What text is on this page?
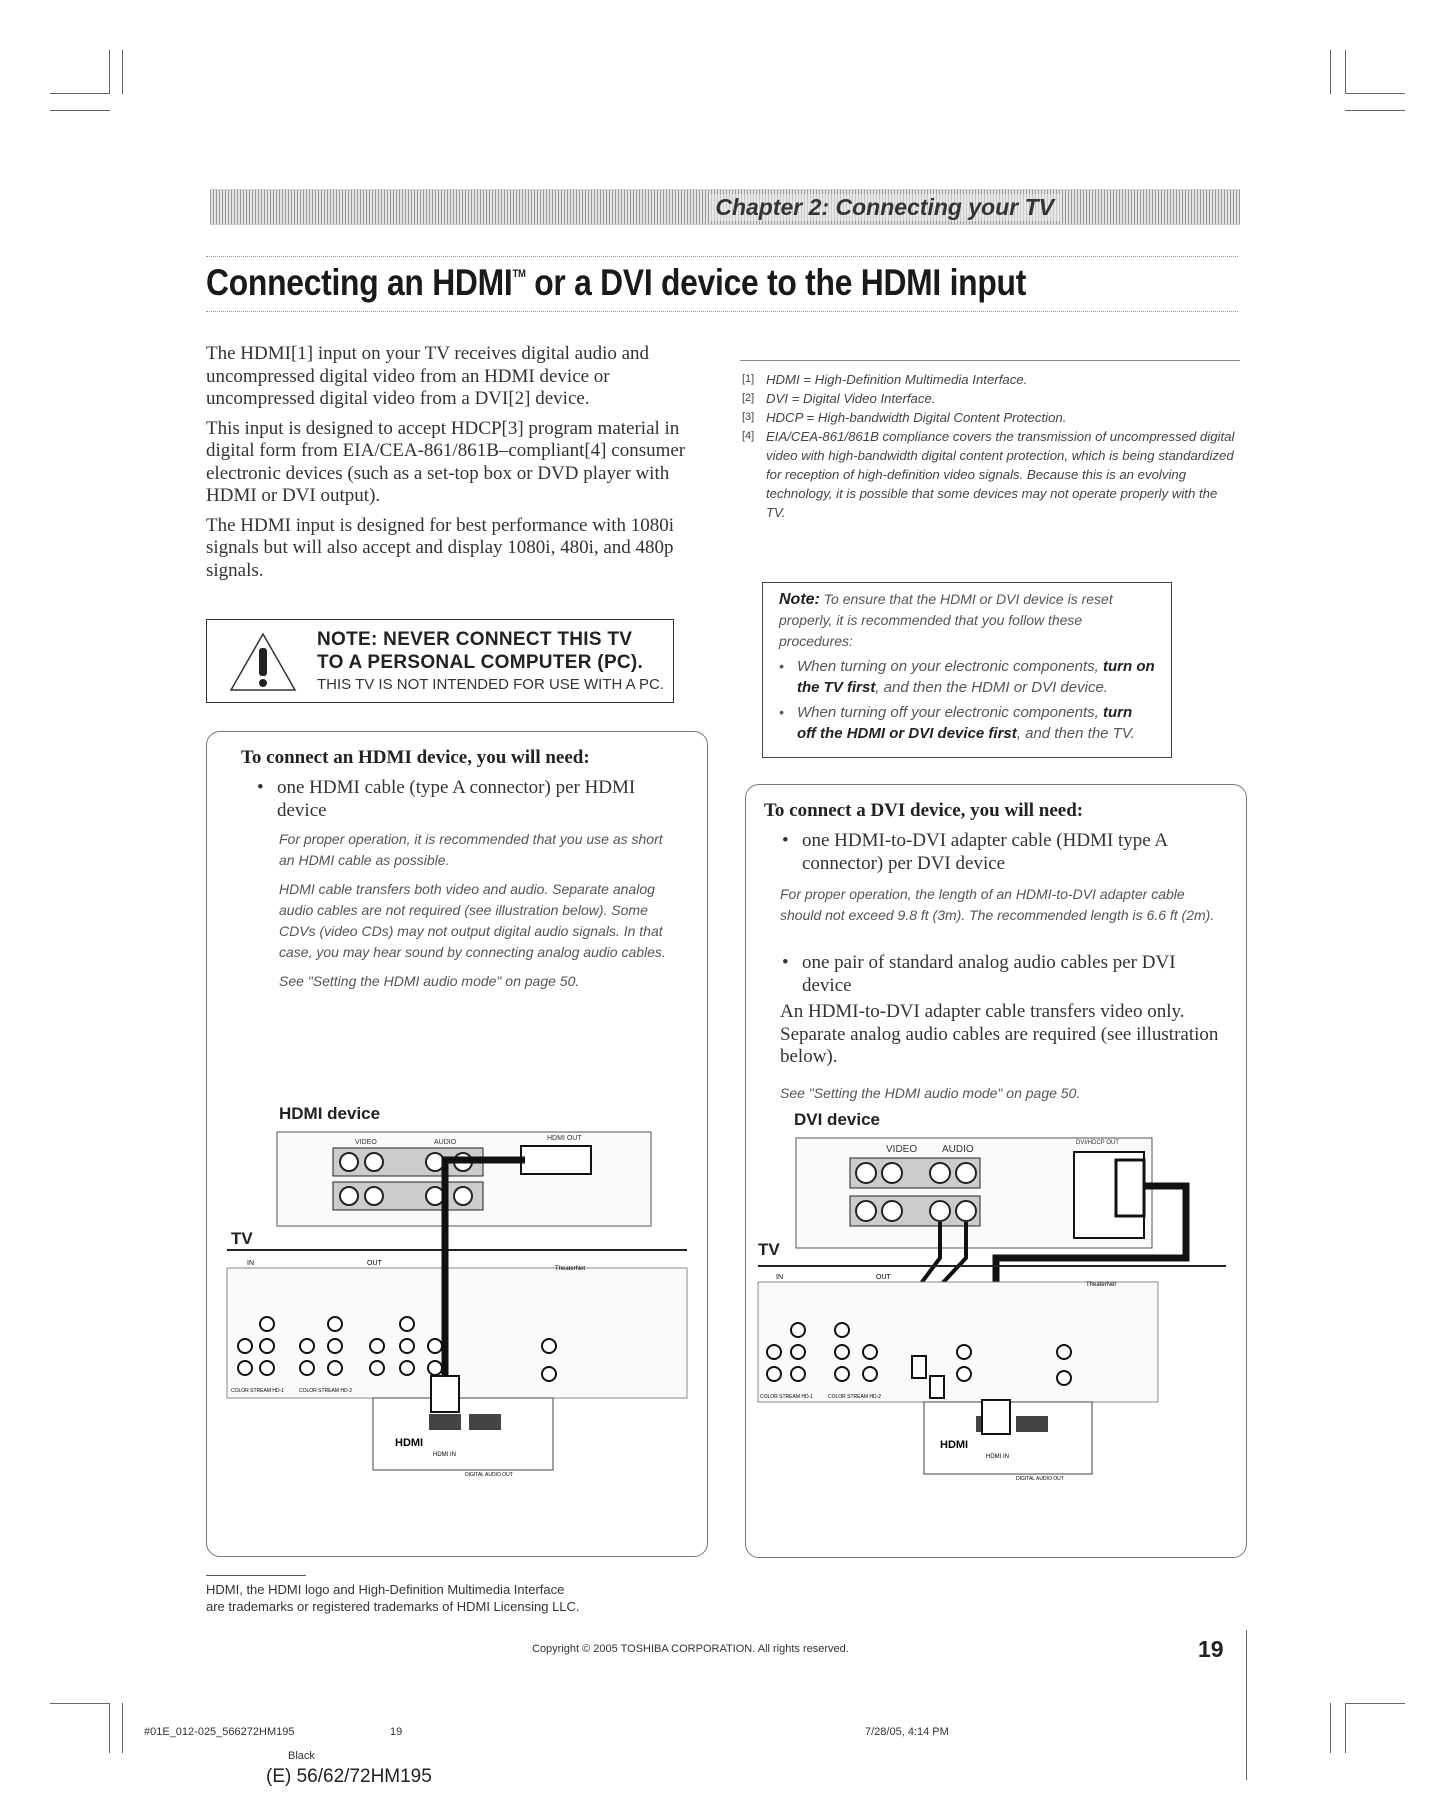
Chapter 2: Connecting your TV
Connecting an HDMI™ or a DVI device to the HDMI input

The HDMI[1] input on your TV receives digital audio and uncompressed digital video from an HDMI device or uncompressed digital video from a DVI[2] device.

This input is designed to accept HDCP[3] program material in digital form from EIA/CEA-861/861B–compliant[4] consumer electronic devices (such as a set-top box or DVD player with HDMI or DVI output).

The HDMI input is designed for best performance with 1080i signals but will also accept and display 1080i, 480i, and 480p signals.

[1] HDMI = High-Definition Multimedia Interface.
[2] DVI = Digital Video Interface.
[3] HDCP = High-bandwidth Digital Content Protection.
[4] EIA/CEA-861/861B compliance covers the transmission of uncompressed digital video with high-bandwidth digital content protection, which is being standardized for reception of high-definition video signals. Because this is an evolving technology, it is possible that some devices may not operate properly with the TV.
NOTE: NEVER CONNECT THIS TV
TO A PERSONAL COMPUTER (PC).
THIS TV IS NOT INTENDED FOR USE WITH A PC.
Note: To ensure that the HDMI or DVI device is reset properly, it is recommended that you follow these procedures:
• When turning on your electronic components, turn on the TV first, and then the HDMI or DVI device.
• When turning off your electronic components, turn off the HDMI or DVI device first, and then the TV.
To connect an HDMI device, you will need:
• one HDMI cable (type A connector) per HDMI device

For proper operation, it is recommended that you use as short an HDMI cable as possible.

HDMI cable transfers both video and audio. Separate analog audio cables are not required (see illustration below). Some CDVs (video CDs) may not output digital audio signals. In that case, you may hear sound by connecting analog audio cables.

See "Setting the HDMI audio mode" on page 50.

HDMI device
TV
VIDEO	AUDIO
HDMI OUT
IN	OUT
TheaterNet
COLOR STREAM HD-1	COLOR STREAM HD-2
HDMI
HDMI IN
DIGITAL AUDIO OUT
To connect a DVI device, you will need:
• one HDMI-to-DVI adapter cable (HDMI type A connector) per DVI device
For proper operation, the length of an HDMI-to-DVI adapter cable should not exceed 9.8 ft (3m). The recommended length is 6.6 ft (2m).
• one pair of standard analog audio cables per DVI device
An HDMI-to-DVI adapter cable transfers video only. Separate analog audio cables are required (see illustration below).
See "Setting the HDMI audio mode" on page 50.
DVI device
TV
VIDEO AUDIO
DVI/HDCP OUT
IN	OUT
TheaterNet
COLOR STREAM HD-1	COLOR STREAM HD-2
HDMI
HDMI IN
DIGITAL AUDIO OUT
HDMI, the HDMI logo and High-Definition Multimedia Interface
are trademarks or registered trademarks of HDMI Licensing LLC.
Copyright © 2005 TOSHIBA CORPORATION. All rights reserved.	19
#01E_012-025_566272HM195	19	7/28/05, 4:14 PM
Black
(E) 56/62/72HM195
